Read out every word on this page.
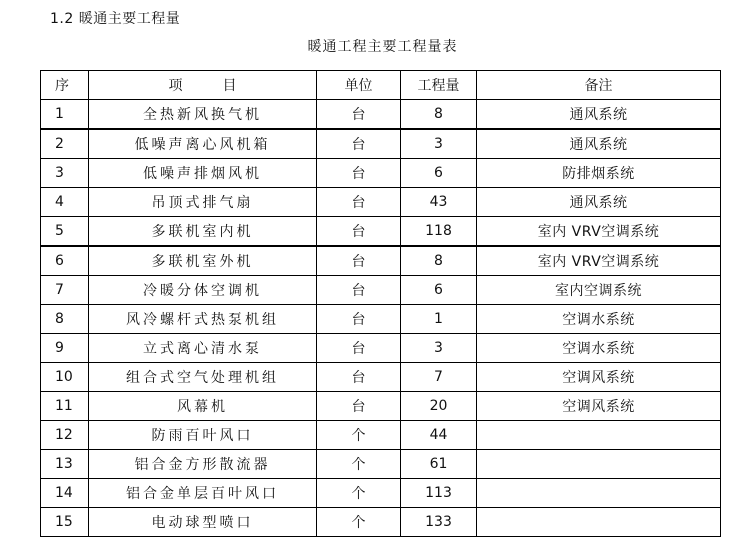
1.2 暖通主要工程量
暖通工程主要工程量表
序	项目	单位	工程量	备注
1	全热新风换气机	台	8	通风系统
2	低噪声离心风机箱	台	3	通风系统
3	低噪声排烟风机	台	6	防排烟系统
4	吊顶式排气扇	台	43	通风系统
5	多联机室内机	台	118	室内 VRV空调系统
6	多联机室外机	台	8	室内 VRV空调系统
7	冷暖分体空调机	台	6	室内空调系统
8	风冷螺杆式热泵机组	台	1	空调水系统
9	立式离心清水泵	台	3	空调水系统
10	组合式空气处理机组	台	7	空调风系统
11	风幕机	台	20	空调风系统
12	防雨百叶风口	个	44	
13	铝合金方形散流器	个	61	
14	铝合金单层百叶风口	个	113	
15	电动球型喷口	个	133	
